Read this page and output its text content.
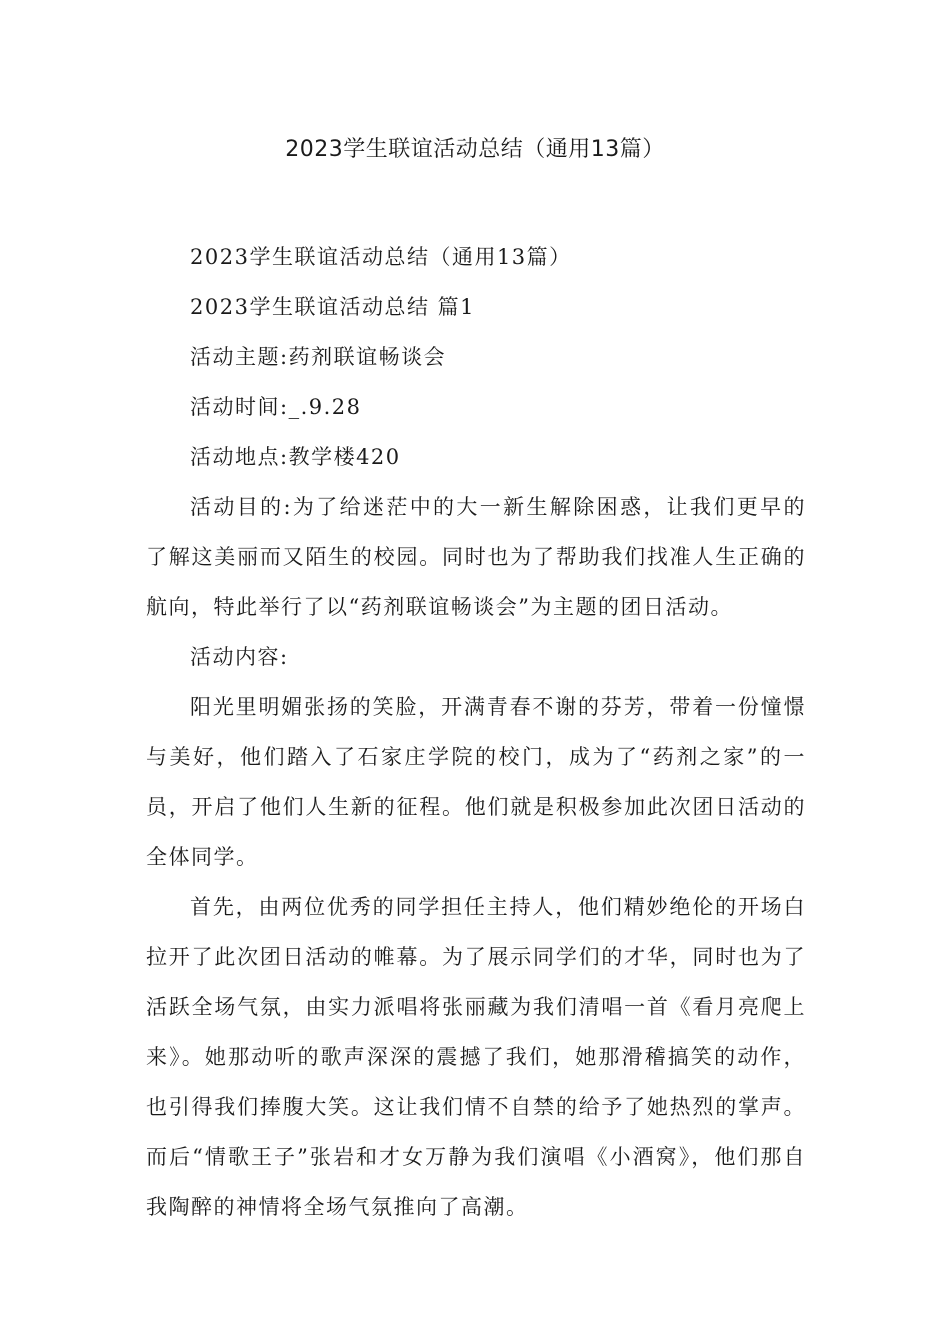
2023学生联谊活动总结（通用13篇）

2023学生联谊活动总结（通用13篇）

2023学生联谊活动总结 篇1

活动主题:药剂联谊畅谈会

活动时间:_.9.28

活动地点:教学楼420

活动目的:为了给迷茫中的大一新生解除困惑，让我们更早的了解这美丽而又陌生的校园。同时也为了帮助我们找准人生正确的航向，特此举行了以“药剂联谊畅谈会”为主题的团日活动。

活动内容:

阳光里明媚张扬的笑脸，开满青春不谢的芬芳，带着一份憧憬与美好，他们踏入了石家庄学院的校门，成为了“药剂之家”的一员，开启了他们人生新的征程。他们就是积极参加此次团日活动的全体同学。

首先，由两位优秀的同学担任主持人，他们精妙绝伦的开场白拉开了此次团日活动的帷幕。为了展示同学们的才华，同时也为了活跃全场气氛，由实力派唱将张丽藏为我们清唱一首《看月亮爬上来》。她那动听的歌声深深的震撼了我们，她那滑稽搞笑的动作，也引得我们捧腹大笑。这让我们情不自禁的给予了她热烈的掌声。而后“情歌王子”张岩和才女万静为我们演唱《小酒窝》，他们那自我陶醉的神情将全场气氛推向了高潮。
